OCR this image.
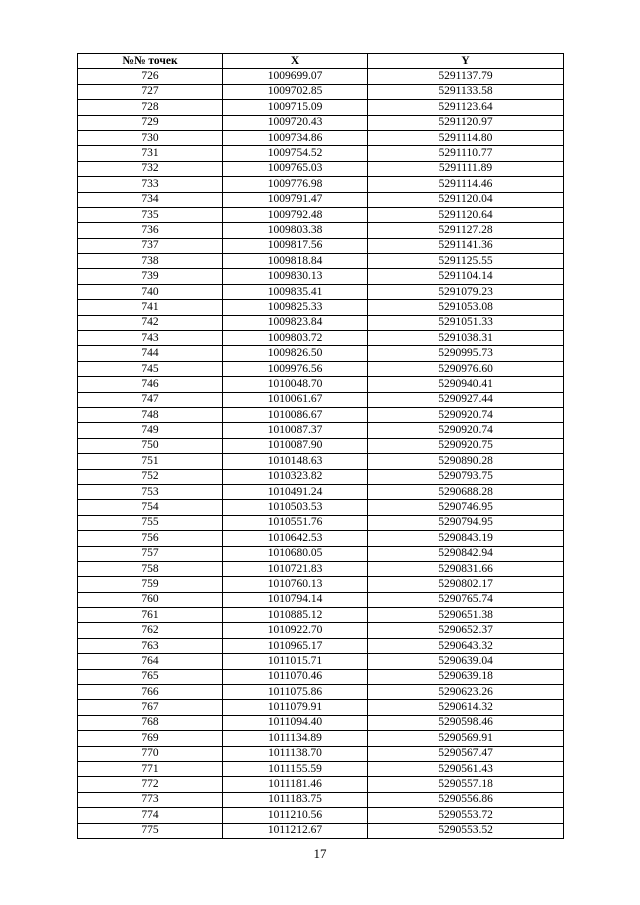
№№ точек	X	Y
726	1009699.07	5291137.79
727	1009702.85	5291133.58
728	1009715.09	5291123.64
729	1009720.43	5291120.97
730	1009734.86	5291114.80
731	1009754.52	5291110.77
732	1009765.03	5291111.89
733	1009776.98	5291114.46
734	1009791.47	5291120.04
735	1009792.48	5291120.64
736	1009803.38	5291127.28
737	1009817.56	5291141.36
738	1009818.84	5291125.55
739	1009830.13	5291104.14
740	1009835.41	5291079.23
741	1009825.33	5291053.08
742	1009823.84	5291051.33
743	1009803.72	5291038.31
744	1009826.50	5290995.73
745	1009976.56	5290976.60
746	1010048.70	5290940.41
747	1010061.67	5290927.44
748	1010086.67	5290920.74
749	1010087.37	5290920.74
750	1010087.90	5290920.75
751	1010148.63	5290890.28
752	1010323.82	5290793.75
753	1010491.24	5290688.28
754	1010503.53	5290746.95
755	1010551.76	5290794.95
756	1010642.53	5290843.19
757	1010680.05	5290842.94
758	1010721.83	5290831.66
759	1010760.13	5290802.17
760	1010794.14	5290765.74
761	1010885.12	5290651.38
762	1010922.70	5290652.37
763	1010965.17	5290643.32
764	1011015.71	5290639.04
765	1011070.46	5290639.18
766	1011075.86	5290623.26
767	1011079.91	5290614.32
768	1011094.40	5290598.46
769	1011134.89	5290569.91
770	1011138.70	5290567.47
771	1011155.59	5290561.43
772	1011181.46	5290557.18
773	1011183.75	5290556.86
774	1011210.56	5290553.72
775	1011212.67	5290553.52
17
